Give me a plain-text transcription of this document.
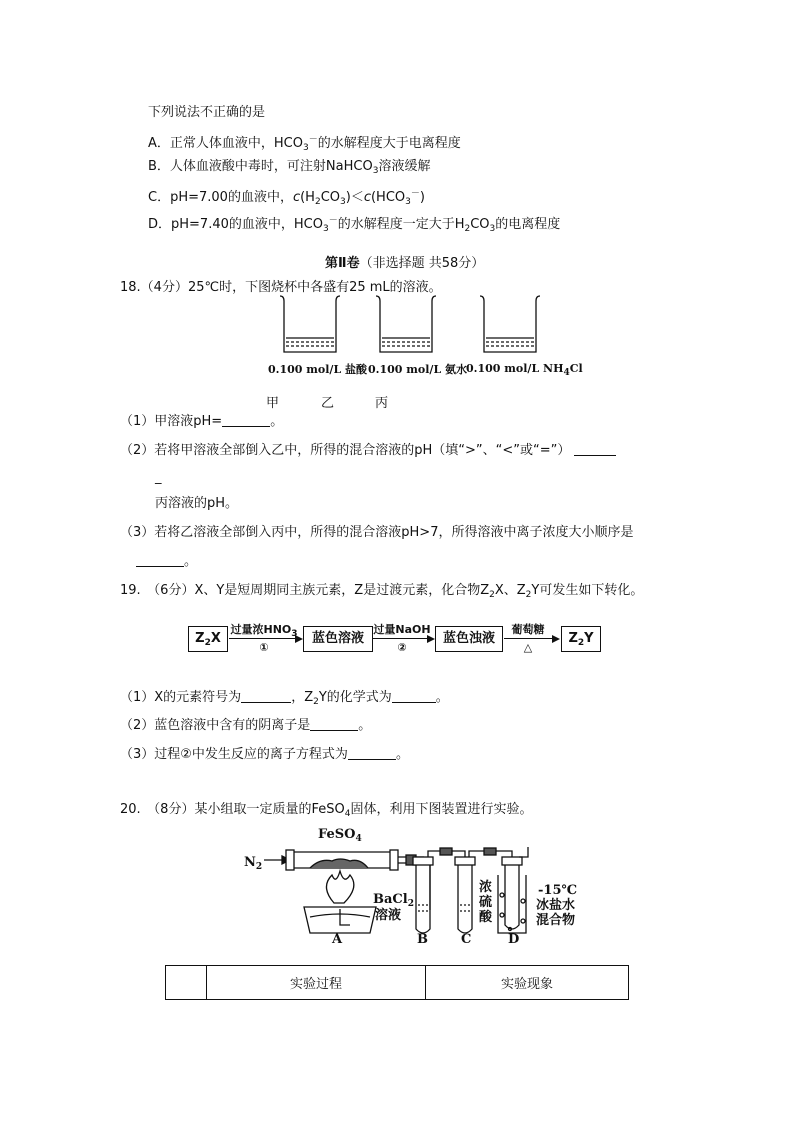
下列说法不正确的是
A．正常人体血液中，$HCO_3^-$的水解程度大于电离程度
B．人体血液酸中毒时，可注射NaHCO$_3$溶液缓解
C．pH=7.00的血液中，$c(H_2CO_3)<c(HCO_3^-)$
D．pH=7.40的血液中，$HCO_3^-$的水解程度一定大于$H_2CO_3$的电离程度
第Ⅱ卷（非选择题 共58分）
18.（4分）25℃时，下图烧杯中各盛有25 mL的溶液。
0.100 mol/L 盐酸 0.100 mol/L 氨水
0.100 mol/L $NH_4Cl$
甲	乙	丙
（1）甲溶液pH=	。
（2）若将甲溶液全部倒入乙中，所得的混合溶液的pH（填“>”、“<”或“=”）
_
丙溶液的pH。
（3）若将乙溶液全部倒入丙中，所得的混合溶液pH>7，所得溶液中离子浓度大小顺序是
。
19.　（6分）X、Y是短周期同主族元素，Z是过渡元素，化合物$Z_2X$、$Z_2Y$可发生如下转化。
$Z_2X$
过量浓$HNO_3$
①
蓝色溶液
过量NaOH
②
蓝色浊液
葡萄糖
△
$Z_2Y$
（1）X的元素符号为	，$Z_2Y$的化学式为	。
（2）蓝色溶液中含有的阴离子是	。
（3）过程②中发生反应的离子方程式为	。
20.　（8分）某小组取一定质量的FeSO$_4$固体，利用下图装置进行实验。
FeSO$_4$
$N_2$
BaCl$_2$
溶液
浓
硫
酸
-15℃
冰盐水
混合物
A	B	C	D
	实验过程	实验现象
